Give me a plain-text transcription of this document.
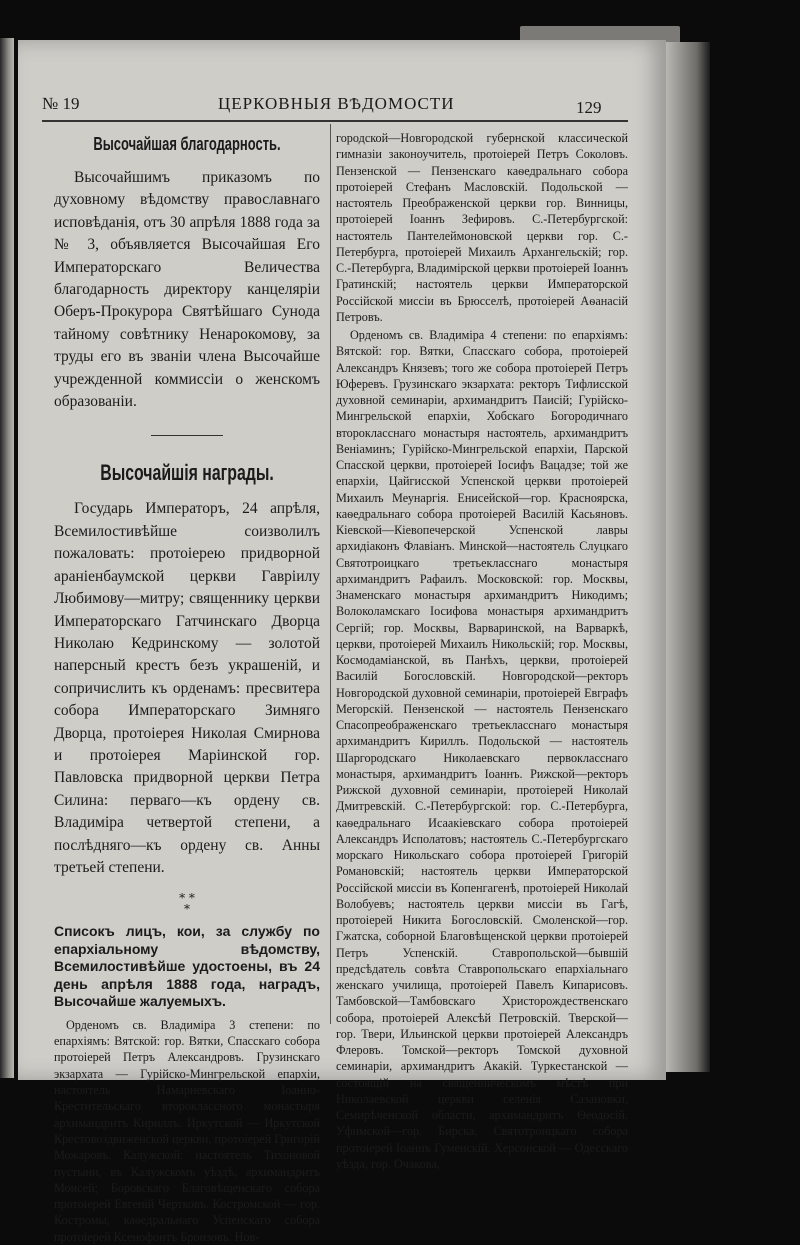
№ 19	ЦЕРКОВНЫЯ ВѢДОМОСТИ	129
Высочайшая благодарность.

Высочайшимъ приказомъ по духовному вѣдомству православнаго исповѣданія, отъ 30 апрѣля 1888 года за № 3, объявляется Высочайшая Его Императорскаго Величества благодарность директору канцеляріи Оберъ-Прокурора Святѣйшаго Сунода тайному совѣтнику Ненарокомову, за труды его въ званіи члена Высочайше учрежденной коммиссіи о женскомъ образованіи.

Высочайшія награды.

Государь Императоръ, 24 апрѣля, Всемилостивѣйше соизволилъ пожаловать: протоіерею придворной араніенбаумской церкви Гавріилу Любимову—митру; священнику церкви Императорскаго Гатчинскаго Дворца Николаю Кедринскому — золотой наперсный крестъ безъ украшеній, и сопричислить къ орденамъ: пресвитера собора Императорскаго Зимняго Дворца, протоіерея Николая Смирнова и протоіерея Маріинской гор. Павловска придворной церкви Петра Силина: перваго—къ ордену св. Владиміра четвертой степени, а послѣдняго—къ ордену св. Анны третьей степени.

* *
*
Списокъ лицъ, кои, за службу по епархіальному вѣдомству, Всемилостивѣйше удостоены, въ 24 день апрѣля 1888 года, наградъ, Высочайше жалуемыхъ.

Орденомъ св. Владиміра 3 степени: по епархіямъ: Вятской: гор. Вятки, Спасскаго собора протоіерей Петръ Александровъ. Грузинскаго экзархата — Гурійско-Мингрельской епархіи, настоятель Намарневскаго Іоанно-Крестительскаго второклассного монастыря архимандритъ Кириллъ. Иркутской — Иркутской Крестовоздвиженской церкви, протоіерей Григорій Можаровъ. Калужской: настоятель Тихоновой пустыни, въ Калужскомъ уѣздѣ, архимандритъ Моисей; Боровскаго Благовѣщенскаго собора протоіерей Евгеній Чертковъ. Костромской — гор. Костромы, каѳедральнаго Успенскаго собора протоіерей Ксенофонтъ Бронзовъ. Нов-

городской—Новгородской губернской классической гимназіи законоучитель, протоіерей Петръ Соколовъ. Пензенской — Пензенскаго каѳедральнаго собора протоіерей Стефанъ Масловскій. Подольской — настоятель Преображенской церкви гор. Винницы, протоіерей Іоаннъ Зефировъ. С.-Петербургской: настоятель Пантелеймоновской церкви гор. С.-Петербурга, протоіерей Михаилъ Архангельскій; гор. С.-Петербурга, Владимірской церкви протоіерей Іоаннъ Гратинскій; настоятель церкви Императорской Россійской миссіи въ Брюсселѣ, протоіерей Аѳанасій Петровъ.

Орденомъ св. Владиміра 4 степени: по епархіямъ: Вятской: гор. Вятки, Спасскаго собора, протоіерей Александръ Князевъ; того же собора протоіерей Петръ Юферевъ. Грузинскаго экзархата: ректоръ Тифлисской духовной семинаріи, архимандритъ Паисій; Гурійско-Мингрельской епархіи, Хобскаго Богородичнаго второкласснаго монастыря настоятель, архимандритъ Веніаминъ; Гурійско-Мингрельской епархіи, Парской Спасской церкви, протоіерей Іосифъ Вацадзе; той же епархіи, Цайгисской Успенской церкви протоіерей Михаилъ Меунаргія. Енисейской—гор. Красноярска, каѳедральнаго собора протоіерей Василій Касьяновъ. Кіевской—Кіевопечерской Успенской лавры архидіаконъ Флавіанъ. Минской—настоятель Слуцкаго Святотроицкаго третьекласснаго монастыря архимандритъ Рафаилъ. Московской: гор. Москвы, Знаменскаго монастыря архимандритъ Никодимъ; Волоколамскаго Іосифова монастыря архимандритъ Сергій; гор. Москвы, Варваринской, на Варваркѣ, церкви, протоіерей Михаилъ Никольскій; гор. Москвы, Космодаміанской, въ Панѣхъ, церкви, протоіерей Василій Богословскій. Новгородской—ректоръ Новгородской духовной семинаріи, протоіерей Евграфъ Мегорскій. Пензенской — настоятель Пензенскаго Спасопреображенскаго третьекласснаго монастыря архимандритъ Кириллъ. Подольской — настоятель Шаргородскаго Николаевскаго первокласснаго монастыря, архимандритъ Іоаннъ. Рижской—ректоръ Рижской духовной семинаріи, протоіерей Николай Дмитревскій. С.-Петербургской: гор. С.-Петербурга, каѳедральнаго Исаакіевскаго собора протоіерей Александръ Исполатовъ; настоятель С.-Петербургскаго морскаго Никольскаго собора протоіерей Григорій Романовскій; настоятель церкви Императорской Россійской миссіи въ Копенгагенѣ, протоіерей Николай Волобуевъ; настоятель церкви миссіи въ Гагѣ, протоіерей Никита Богословскій. Смоленской—гор. Гжатска, соборной Благовѣщенской церкви протоіерей Петръ Успенскій. Ставропольской—бывшій предсѣдатель совѣта Ставропольскаго епархіальнаго женскаго училища, протоіерей Павелъ Кипарисовъ. Тамбовской—Тамбовскаго Христорождественскаго собора, протоіерей Алексѣй Петровскій. Тверской—гор. Твери, Ильинской церкви протоіерей Александръ Флеровъ. Томской—ректоръ Томской духовной семинаріи, архимандритъ Акакій. Туркестанской — состоящій на священническомъ мѣстѣ при Николаевской церкви селенія Сазановки, Семирѣченской области, архимандритъ Ѳеодосій. Уфимской—гор. Бирска, Святотроицкаго собора протоіерей Іоаннъ Гуменскій. Херсонской — Одесскаго уѣзда, гор. Очакова,
